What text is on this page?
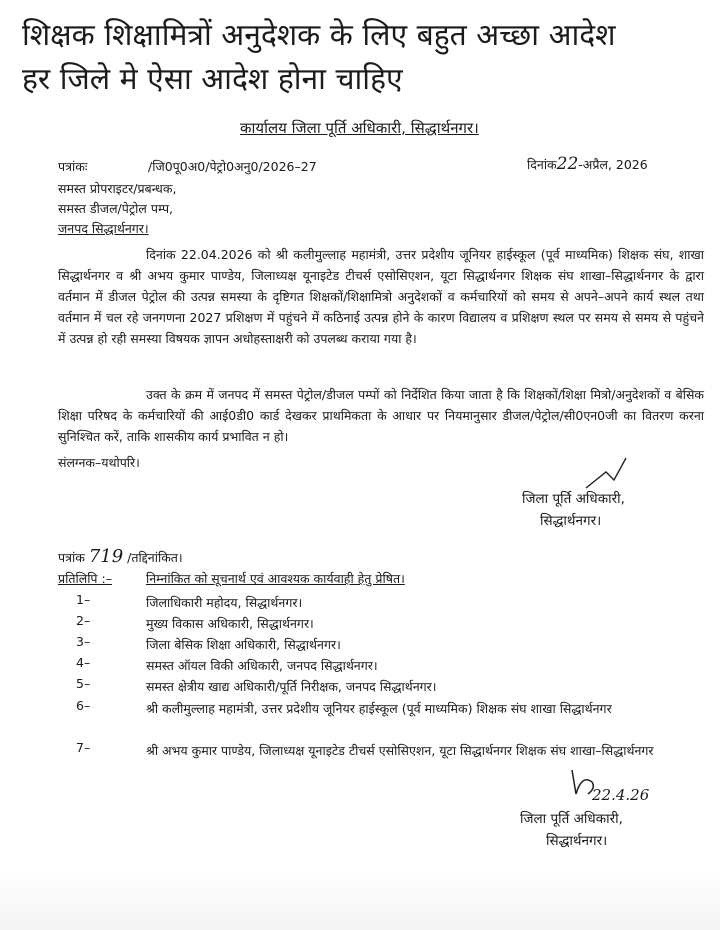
शिक्षक शिक्षामित्रों अनुदेशक के लिए बहुत अच्छा आदेश
हर जिले मे ऐसा आदेश होना चाहिए
कार्यालय जिला पूर्ति अधिकारी, सिद्धार्थनगर।
पत्रांकः	/जि0पू0अ0/पेट्रो0अनु0/2026–27	दिनांक22-अप्रैल, 2026
समस्त प्रोपराइटर/प्रबन्धक,
समस्त डीजल/पेट्रोल पम्प,
जनपद सिद्धार्थनगर।
दिनांक 22.04.2026 को श्री कलीमुल्लाह महामंत्री, उत्तर प्रदेशीय जूनियर हाईस्कूल (पूर्व माध्यमिक) शिक्षक संघ, शाखा सिद्धार्थनगर व श्री अभय कुमार पाण्डेय, जिलाध्यक्ष यूनाइटेड टीचर्स एसोसिएशन, यूटा सिद्धार्थनगर शिक्षक संघ शाखा–सिद्धार्थनगर के द्वारा वर्तमान में डीजल पेट्रोल की उत्पन्न समस्या के दृष्टिगत शिक्षकों/शिक्षामित्रो अनुदेशकों व कर्मचारियों को समय से अपने–अपने कार्य स्थल तथा वर्तमान में चल रहे जनगणना 2027 प्रशिक्षण में पहुंचने में कठिनाई उत्पन्न होने के कारण विद्यालय व प्रशिक्षण स्थल पर समय से समय से पहुंचने में उत्पन्न हो रही समस्या विषयक ज्ञापन अधोहस्ताक्षरी को उपलब्ध कराया गया है।
उक्त के क्रम में जनपद में समस्त पेट्रोल/डीजल पम्पों को निर्देशित किया जाता है कि शिक्षकों/शिक्षा मित्रो/अनुदेशकों व बेसिक शिक्षा परिषद के कर्मचारियों की आई0डी0 कार्ड देखकर प्राथमिकता के आधार पर नियमानुसार डीजल/पेट्रोल/सी0एन0जी का वितरण करना सुनिश्चित करें, ताकि शासकीय कार्य प्रभावित न हो।
संलग्नक–यथोपरि।
जिला पूर्ति अधिकारी,
सिद्धार्थनगर।
पत्रांक 719 /तद्दिनांकित।
प्रतिलिपि :–	निम्नांकित को सूचनार्थ एवं आवश्यक कार्यवाही हेतु प्रेषित।
1–	जिलाधिकारी महोदय, सिद्धार्थनगर।
2–	मुख्य विकास अधिकारी, सिद्धार्थनगर।
3–	जिला बेसिक शिक्षा अधिकारी, सिद्धार्थनगर।
4–	समस्त ऑयल विकी अधिकारी, जनपद सिद्धार्थनगर।
5–	समस्त क्षेत्रीय खाद्य अधिकारी/पूर्ति निरीक्षक, जनपद सिद्धार्थनगर।
6–	श्री कलीमुल्लाह महामंत्री, उत्तर प्रदेशीय जूनियर हाईस्कूल (पूर्व माध्यमिक) शिक्षक संघ शाखा सिद्धार्थनगर
7–	श्री अभय कुमार पाण्डेय, जिलाध्यक्ष यूनाइटेड टीचर्स एसोसिएशन, यूटा सिद्धार्थनगर शिक्षक संघ शाखा–सिद्धार्थनगर
22.4.26
जिला पूर्ति अधिकारी,
सिद्धार्थनगर।
